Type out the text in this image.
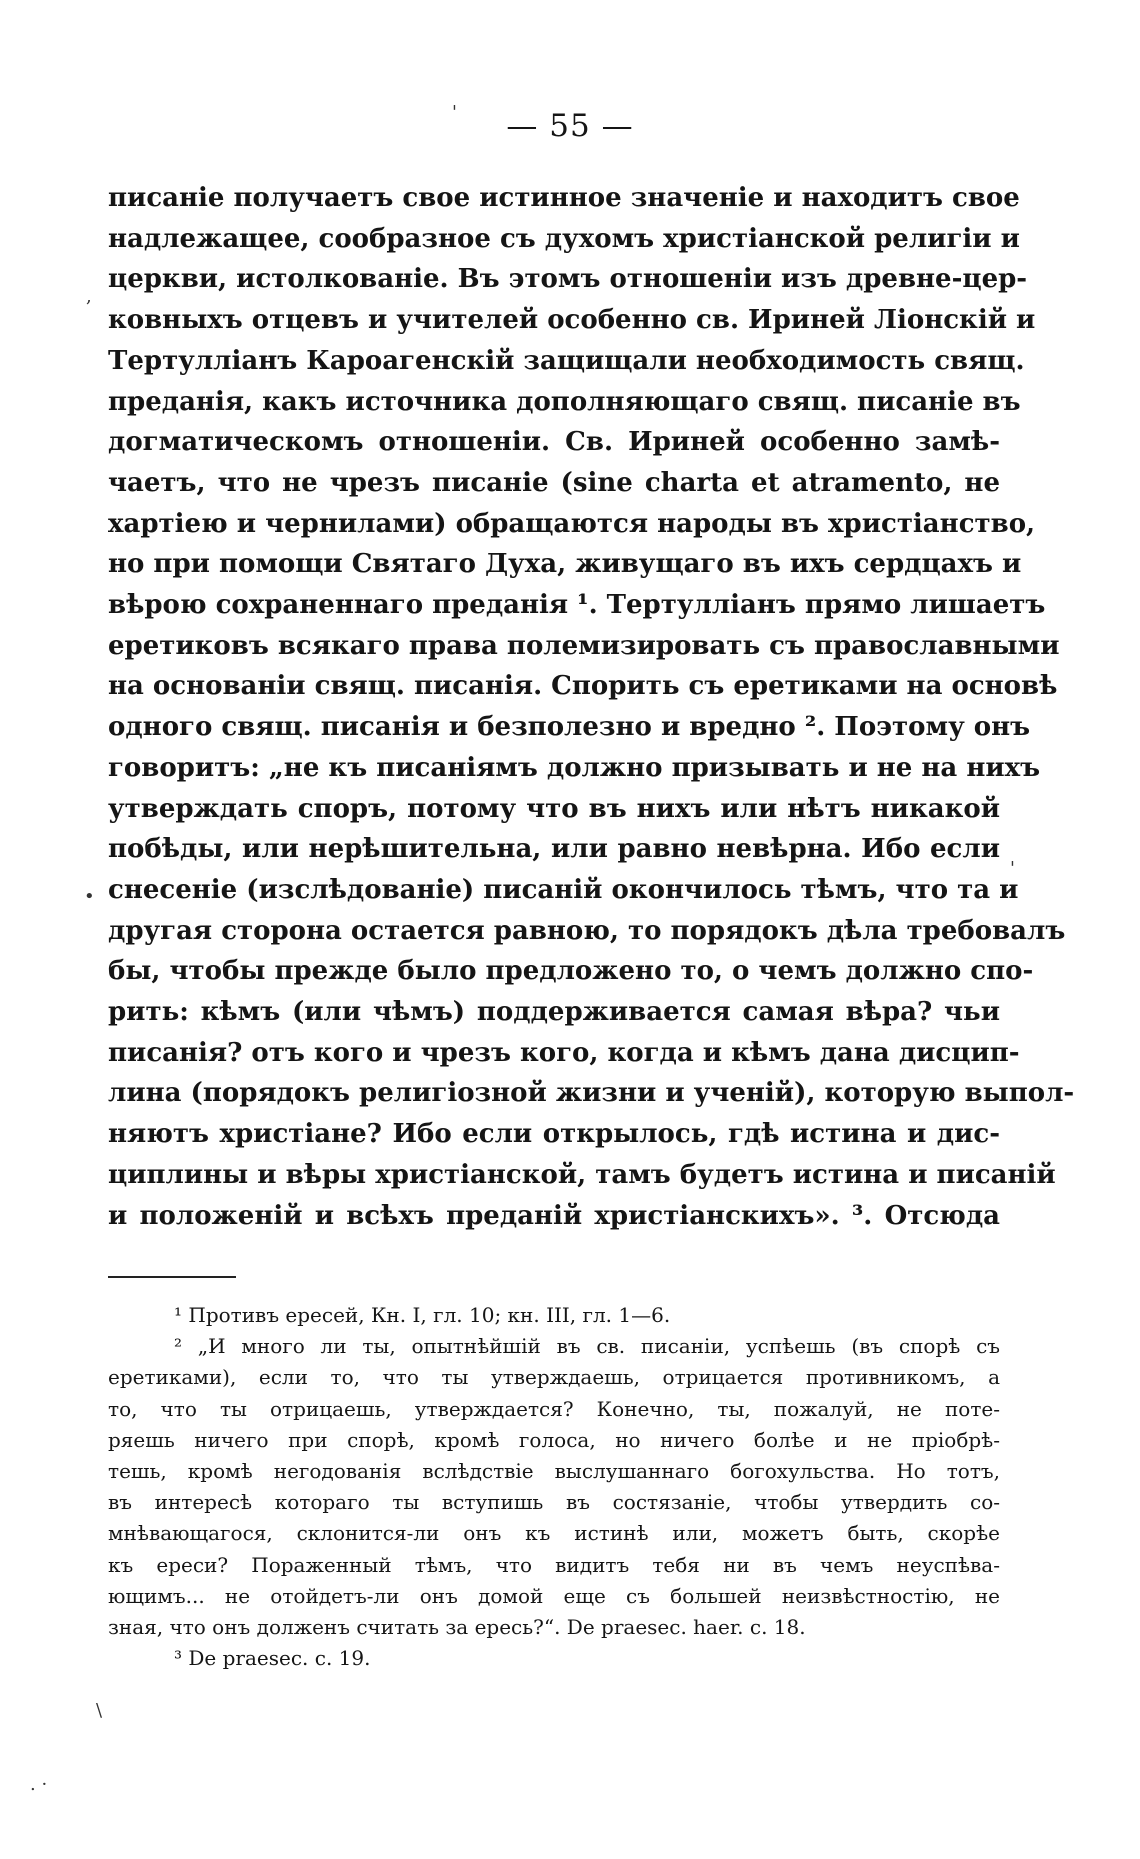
— 55 —
писаніе получаетъ свое истинное значеніе и находитъ свое
надлежащее, сообразное съ духомъ христіанской религіи и
церкви, истолкованіе. Въ этомъ отношеніи изъ древне-цер-
ковныхъ отцевъ и учителей особенно св. Ириней Ліонскій и
Тертулліанъ Кароагенскій защищали необходимость свящ.
преданія, какъ источника дополняющаго свящ. писаніе въ
догматическомъ отношеніи. Св. Ириней особенно замѣ-
чаетъ, что не чрезъ писаніе (sine charta et atramento, не
хартіею и чернилами) обращаются народы въ христіанство,
но при помощи Святаго Духа, живущаго въ ихъ сердцахъ и
вѣрою сохраненнаго преданія ¹. Тертулліанъ прямо лишаетъ
еретиковъ всякаго права полемизировать съ православными
на основаніи свящ. писанія. Спорить съ еретиками на основѣ
одного свящ. писанія и безполезно и вредно ². Поэтому онъ
говоритъ: „не къ писаніямъ должно призывать и не на нихъ
утверждать споръ, потому что въ нихъ или нѣтъ никакой
побѣды, или нерѣшительна, или равно невѣрна. Ибо если
снесеніе (изслѣдованіе) писаній окончилось тѣмъ, что та и
другая сторона остается равною, то порядокъ дѣла требовалъ
бы, чтобы прежде было предложено то, о чемъ должно спо-
рить: кѣмъ (или чѣмъ) поддерживается самая вѣра? чьи
писанія? отъ кого и чрезъ кого, когда и кѣмъ дана дисцип-
лина (порядокъ религіозной жизни и ученій), которую выпол-
няютъ христіане? Ибо если открылось, гдѣ истина и дис-
циплины и вѣры христіанской, тамъ будетъ истина и писаній
и положеній и всѣхъ преданій христіанскихъ». ³. Отсюда
¹ Противъ ересей, Кн. I, гл. 10; кн. III, гл. 1—6.
² „И много ли ты, опытнѣйшій въ св. писаніи, успѣешь (въ спорѣ съ
еретиками), если то, что ты утверждаешь, отрицается противникомъ, а
то, что ты отрицаешь, утверждается? Конечно, ты, пожалуй, не поте-
ряешь ничего при спорѣ, кромѣ голоса, но ничего болѣе и не пріобрѣ-
тешь, кромѣ негодованія вслѣдствіе выслушаннаго богохульства. Но тотъ,
въ интересѣ котораго ты вступишь въ состязаніе, чтобы утвердить со-
мнѣвающагося, склонится-ли онъ къ истинѣ или, можетъ быть, скорѣе
къ ереси? Пораженный тѣмъ, что видитъ тебя ни въ чемъ неуспѣва-
ющимъ... не отойдетъ-ли онъ домой еще съ большей неизвѣстностію, не
зная, что онъ долженъ считать за ересь?“. De praesec. haer. c. 18.
³ De praesec. c. 19.
'
,
'
•
\
. ·
